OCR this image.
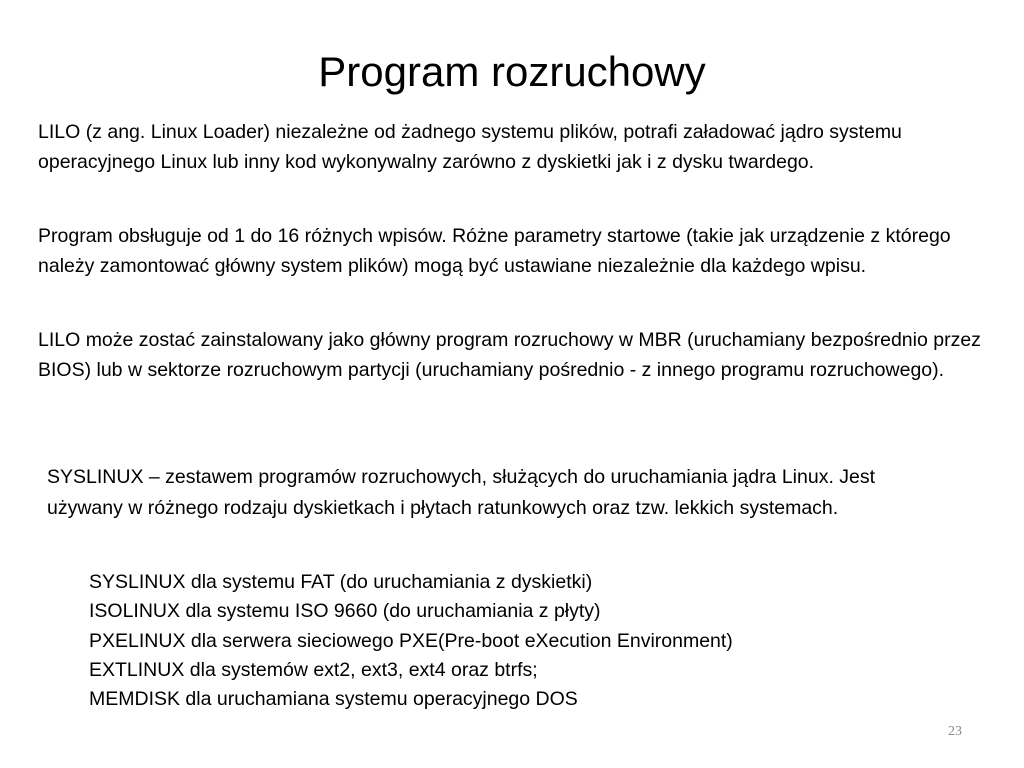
Program rozruchowy

LILO (z ang. Linux Loader) niezależne od żadnego systemu plików, potrafi załadować jądro systemu operacyjnego Linux lub inny kod wykonywalny zarówno z dyskietki jak i z dysku twardego.

Program obsługuje od 1 do 16 różnych wpisów. Różne parametry startowe (takie jak urządzenie z którego należy zamontować główny system plików) mogą być ustawiane niezależnie dla każdego wpisu.

LILO może zostać zainstalowany jako główny program rozruchowy w MBR (uruchamiany bezpośrednio przez BIOS) lub w sektorze rozruchowym partycji (uruchamiany pośrednio - z innego programu rozruchowego).

SYSLINUX – zestawem programów rozruchowych, służących do uruchamiania jądra Linux. Jest używany w różnego rodzaju dyskietkach i płytach ratunkowych oraz tzw. lekkich systemach.

SYSLINUX dla systemu FAT (do uruchamiania z dyskietki)
ISOLINUX dla systemu ISO 9660 (do uruchamiania z płyty)
PXELINUX dla serwera sieciowego PXE(Pre-boot eXecution Environment)
EXTLINUX dla systemów ext2, ext3, ext4 oraz btrfs;
MEMDISK dla uruchamiana systemu operacyjnego DOS
23
